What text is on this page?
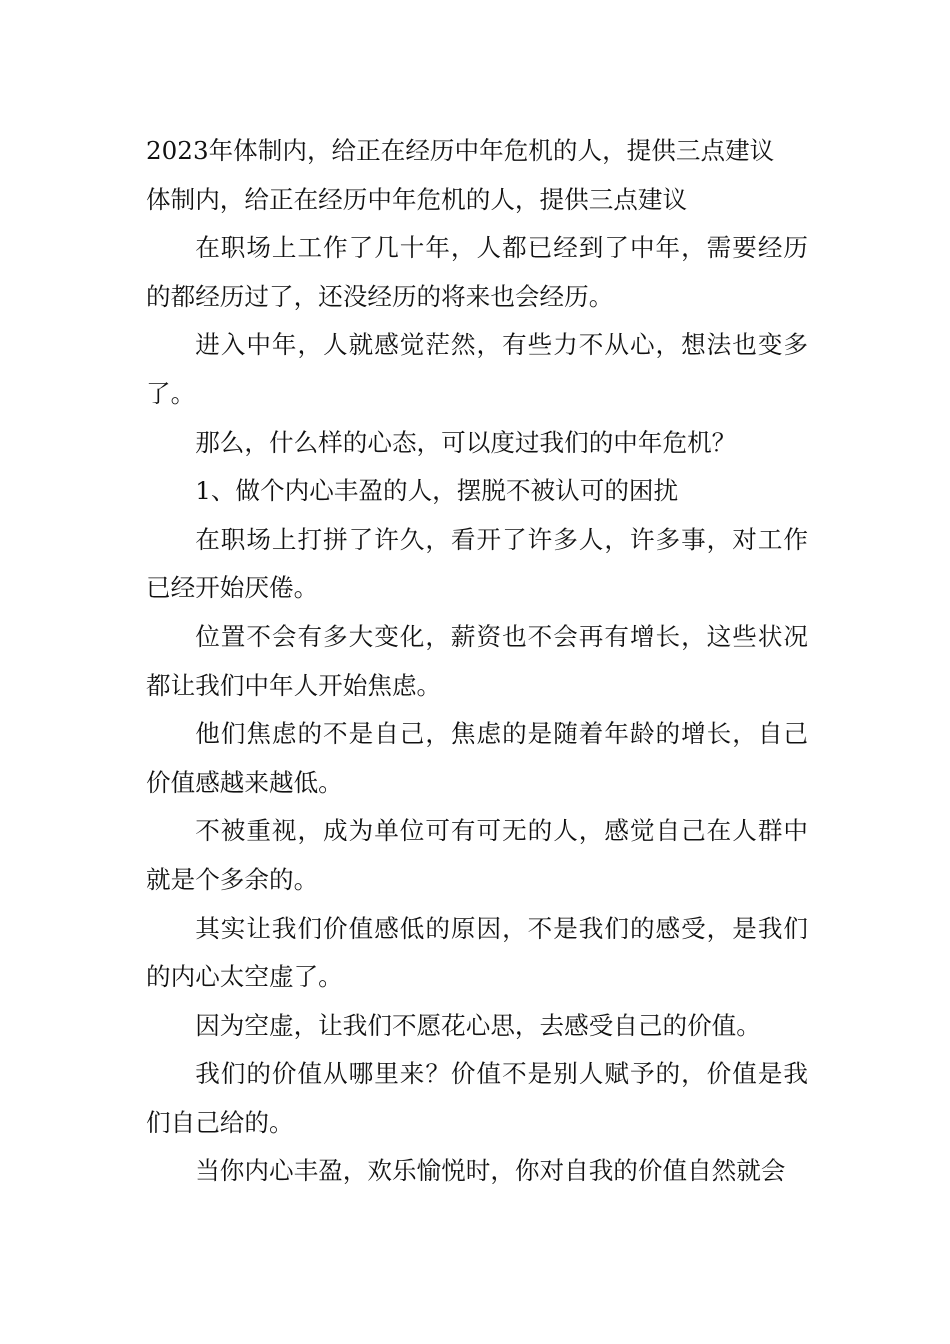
2023年体制内，给正在经历中年危机的人，提供三点建议

体制内，给正在经历中年危机的人，提供三点建议

在职场上工作了几十年，人都已经到了中年，需要经历的都经历过了，还没经历的将来也会经历。

进入中年，人就感觉茫然，有些力不从心，想法也变多了。

那么，什么样的心态，可以度过我们的中年危机？

1、做个内心丰盈的人，摆脱不被认可的困扰

在职场上打拼了许久，看开了许多人，许多事，对工作已经开始厌倦。

位置不会有多大变化，薪资也不会再有增长，这些状况都让我们中年人开始焦虑。

他们焦虑的不是自己，焦虑的是随着年龄的增长，自己价值感越来越低。

不被重视，成为单位可有可无的人，感觉自己在人群中就是个多余的。

其实让我们价值感低的原因，不是我们的感受，是我们的内心太空虚了。

因为空虚，让我们不愿花心思，去感受自己的价值。

我们的价值从哪里来？价值不是别人赋予的，价值是我们自己给的。

当你内心丰盈，欢乐愉悦时，你对自我的价值自然就会
